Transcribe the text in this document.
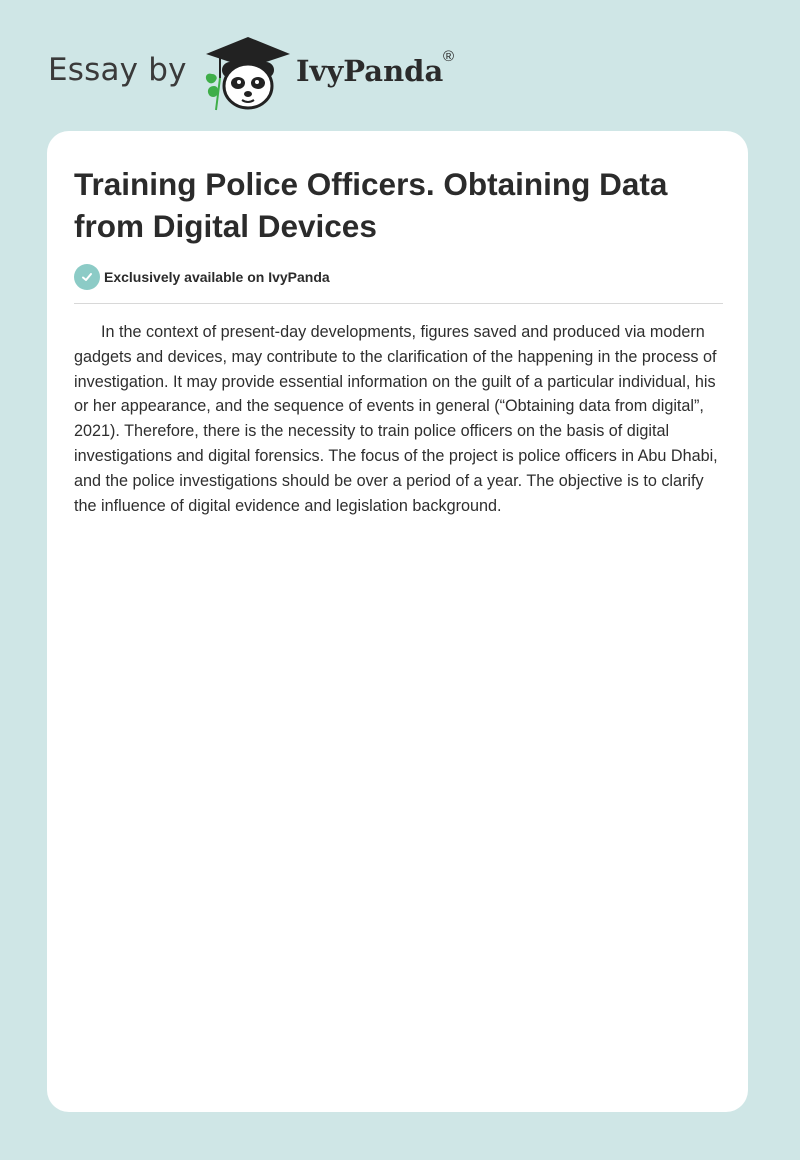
Essay by	IvyPanda ®
Training Police Officers. Obtaining Data from Digital Devices
Exclusively available on IvyPanda

In the context of present-day developments, figures saved and produced via modern gadgets and devices, may contribute to the clarification of the happening in the process of investigation. It may provide essential information on the guilt of a particular individual, his or her appearance, and the sequence of events in general (“Obtaining data from digital”, 2021). Therefore, there is the necessity to train police officers on the basis of digital investigations and digital forensics. The focus of the project is police officers in Abu Dhabi, and the police investigations should be over a period of a year. The objective is to clarify the influence of digital evidence and legislation background.
